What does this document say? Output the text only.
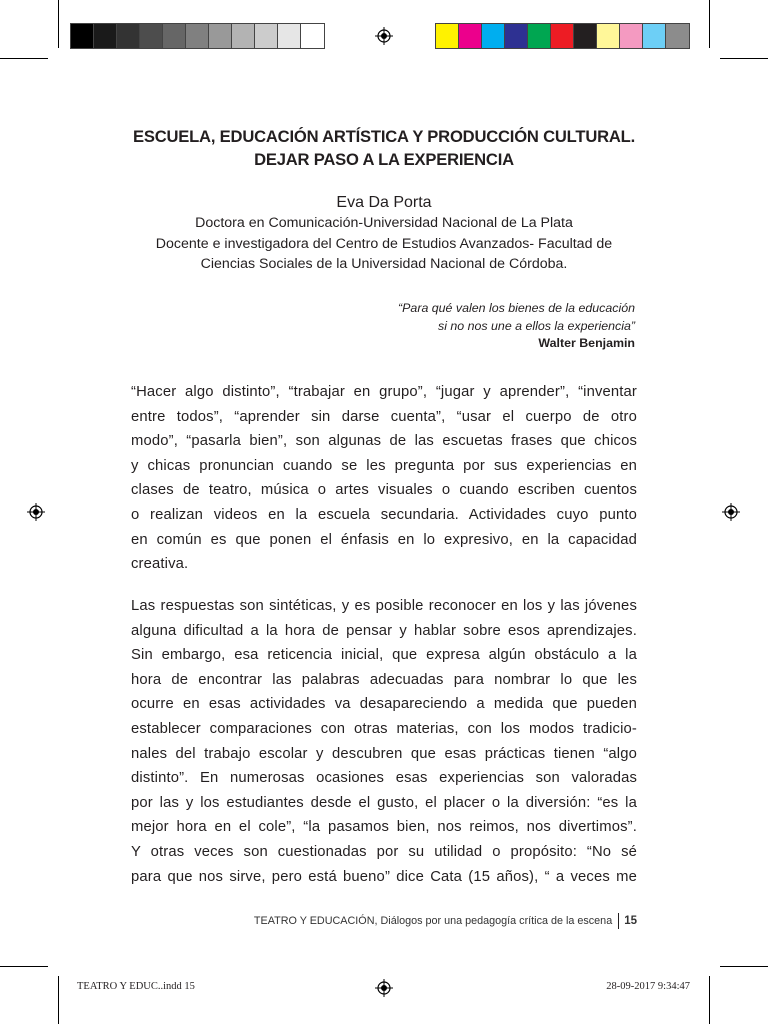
ESCUELA, EDUCACIÓN ARTÍSTICA Y PRODUCCIÓN CULTURAL.
DEJAR PASO A LA EXPERIENCIA
Eva Da Porta
Doctora en Comunicación-Universidad Nacional de La Plata
Docente e investigadora del Centro de Estudios Avanzados- Facultad de
Ciencias Sociales de la Universidad Nacional de Córdoba.
“Para qué valen los bienes de la educación
si no nos une a ellos la experiencia”
Walter Benjamin
“Hacer algo distinto”, “trabajar en grupo”, “jugar y aprender”, “inventar
entre todos”, “aprender sin darse cuenta”, “usar el cuerpo de otro
modo”, “pasarla bien”, son algunas de las escuetas frases que chicos
y chicas pronuncian cuando se les pregunta por sus experiencias en
clases de teatro, música o artes visuales o cuando escriben cuentos
o realizan videos en la escuela secundaria. Actividades cuyo punto
en común es que ponen el énfasis en lo expresivo, en la capacidad
creativa.
Las respuestas son sintéticas, y es posible reconocer en los y las jóvenes
alguna dificultad a la hora de pensar y hablar sobre esos aprendizajes.
Sin embargo, esa reticencia inicial, que expresa algún obstáculo a la
hora de encontrar las palabras adecuadas para nombrar lo que les
ocurre en esas actividades va desapareciendo a medida que pueden
establecer comparaciones con otras materias, con los modos tradicio-
nales del trabajo escolar y descubren que esas prácticas tienen “algo
distinto”. En numerosas ocasiones esas experiencias son valoradas
por las y los estudiantes desde el gusto, el placer o la diversión: “es la
mejor hora en el cole”, “la pasamos bien, nos reimos, nos divertimos”.
Y otras veces son cuestionadas por su utilidad o propósito: “No sé
para que nos sirve, pero está bueno” dice Cata (15 años), “ a veces me
TEATRO Y EDUCACIÓN, Diálogos por una pedagogía crítica de la escena 15
TEATRO Y EDUC..indd 15	28-09-2017 9:34:47
